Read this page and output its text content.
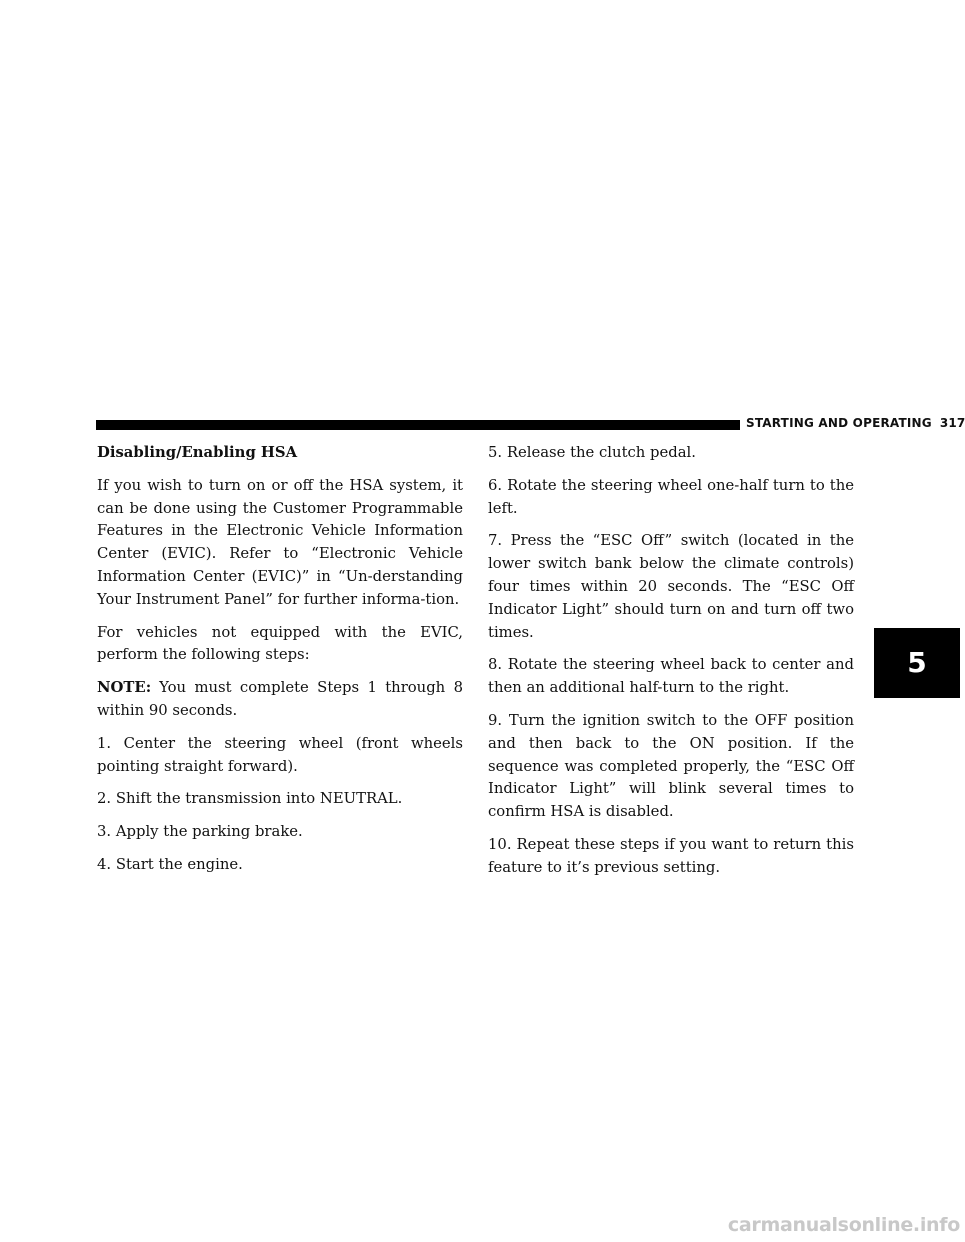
STARTING AND OPERATING 317

Disabling/Enabling HSA

If you wish to turn on or off the HSA system, it can be done using the Customer Programmable Features in the Electronic Vehicle Information Center (EVIC). Refer to “Electronic Vehicle Information Center (EVIC)” in “Un-derstanding Your Instrument Panel” for further informa-tion.

For vehicles not equipped with the EVIC, perform the following steps:

NOTE: You must complete Steps 1 through 8 within 90 seconds.

1. Center the steering wheel (front wheels pointing straight forward).

2. Shift the transmission into NEUTRAL.

3. Apply the parking brake.

4. Start the engine.

5. Release the clutch pedal.

6. Rotate the steering wheel one-half turn to the left.

7. Press the “ESC Off” switch (located in the lower switch bank below the climate controls) four times within 20 seconds. The “ESC Off Indicator Light” should turn on and turn off two times.

8. Rotate the steering wheel back to center and then an additional half-turn to the right.

9. Turn the ignition switch to the OFF position and then back to the ON position. If the sequence was completed properly, the “ESC Off Indicator Light” will blink several times to confirm HSA is disabled.

10. Repeat these steps if you want to return this feature to it’s previous setting.

5
carmanualsonline.info
